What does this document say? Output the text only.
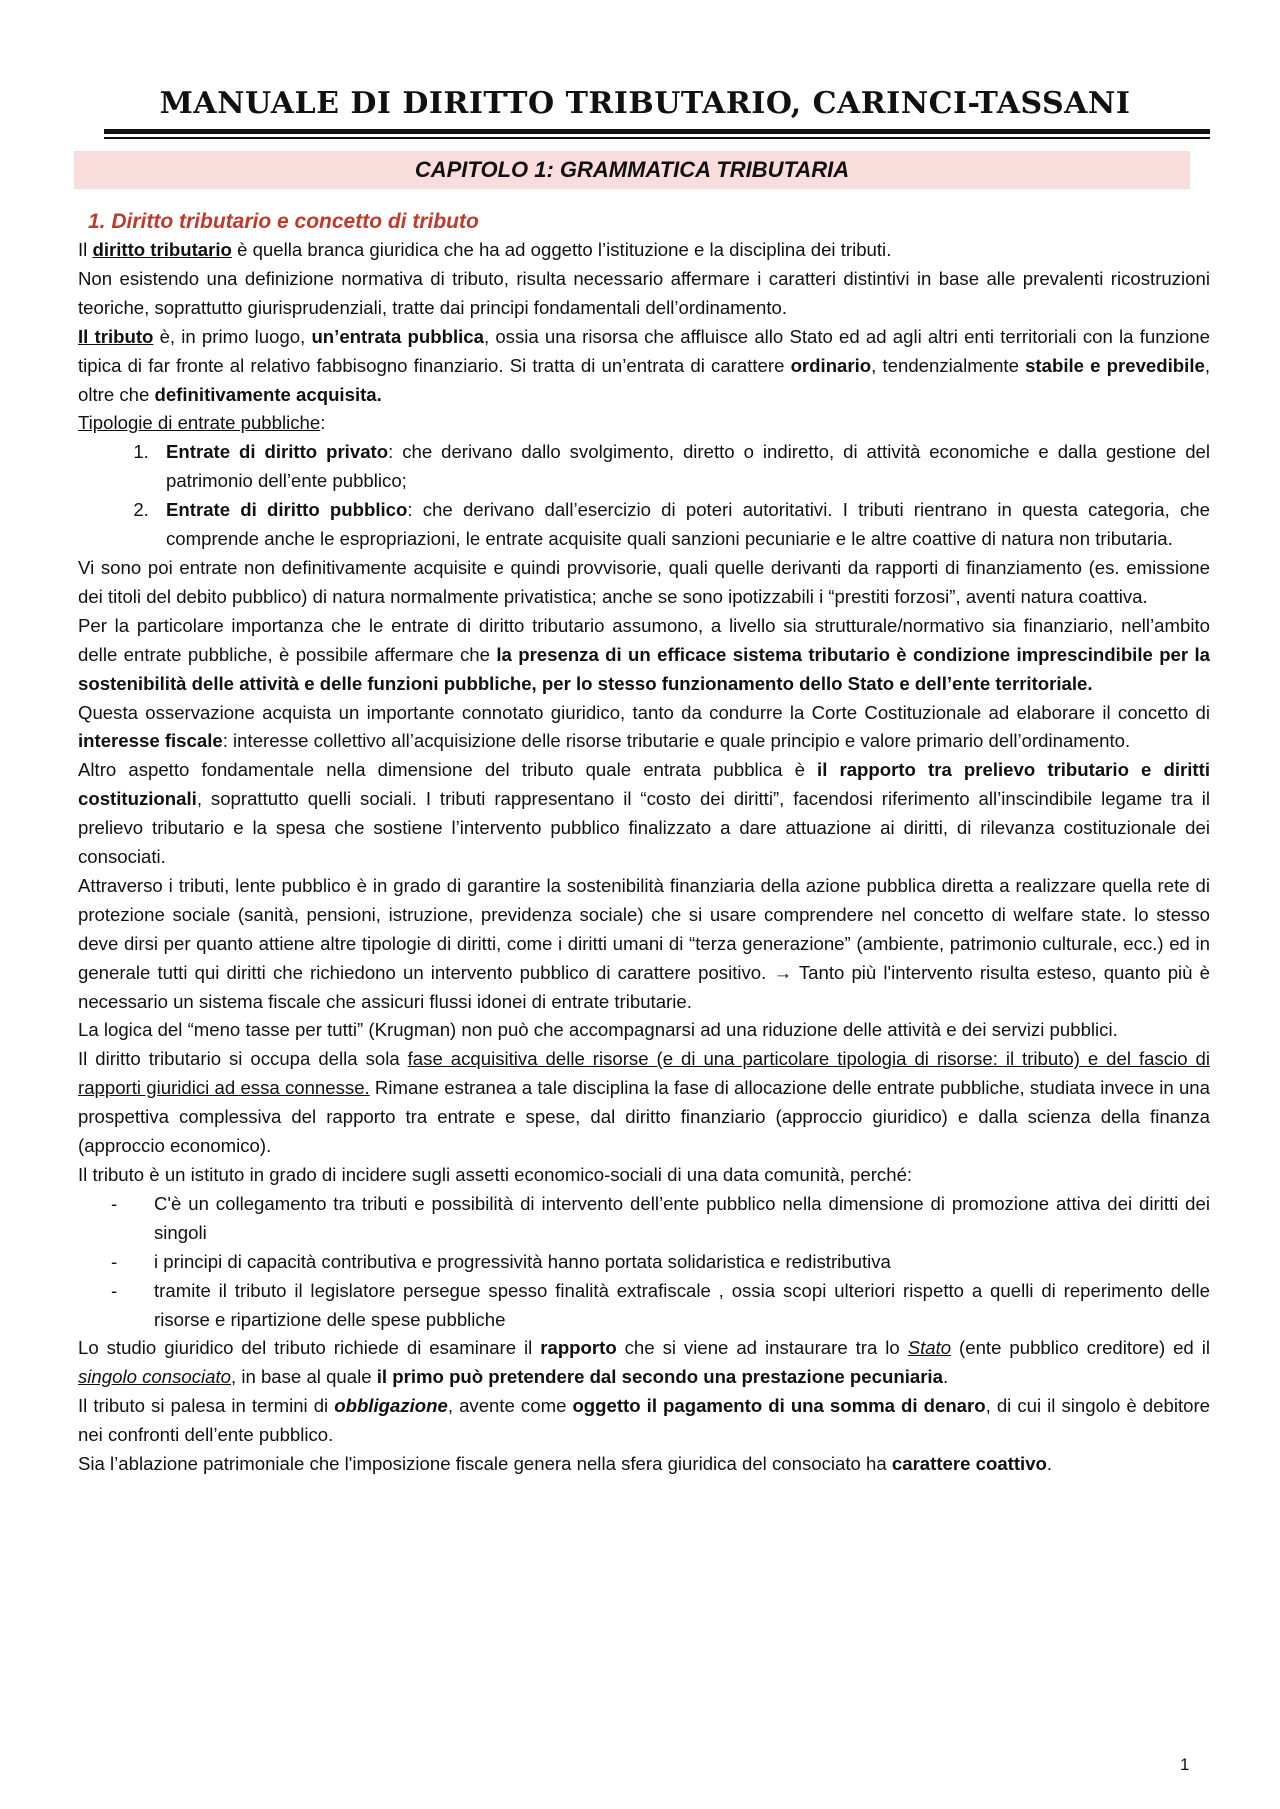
MANUALE DI DIRITTO TRIBUTARIO, CARINCI-TASSANI
CAPITOLO 1: GRAMMATICA TRIBUTARIA
1. Diritto tributario e concetto di tributo

Il diritto tributario è quella branca giuridica che ha ad oggetto l’istituzione e la disciplina dei tributi.

Non esistendo una definizione normativa di tributo, risulta necessario affermare i caratteri distintivi in base alle prevalenti ricostruzioni teoriche, soprattutto giurisprudenziali, tratte dai principi fondamentali dell’ordinamento.

Il tributo è, in primo luogo, un’entrata pubblica, ossia una risorsa che affluisce allo Stato ed ad agli altri enti territoriali con la funzione tipica di far fronte al relativo fabbisogno finanziario. Si tratta di un’entrata di carattere ordinario, tendenzialmente stabile e prevedibile, oltre che definitivamente acquisita.

Tipologie di entrate pubbliche:

1. Entrate di diritto privato: che derivano dallo svolgimento, diretto o indiretto, di attività economiche e dalla gestione del patrimonio dell’ente pubblico;
2. Entrate di diritto pubblico: che derivano dall’esercizio di poteri autoritativi. I tributi rientrano in questa categoria, che comprende anche le espropriazioni, le entrate acquisite quali sanzioni pecuniarie e le altre coattive di natura non tributaria.

Vi sono poi entrate non definitivamente acquisite e quindi provvisorie, quali quelle derivanti da rapporti di finanziamento (es. emissione dei titoli del debito pubblico) di natura normalmente privatistica; anche se sono ipotizzabili i “prestiti forzosi”, aventi natura coattiva.

Per la particolare importanza che le entrate di diritto tributario assumono, a livello sia strutturale/normativo sia finanziario, nell’ambito delle entrate pubbliche, è possibile affermare che la presenza di un efficace sistema tributario è condizione imprescindibile per la sostenibilità delle attività e delle funzioni pubbliche, per lo stesso funzionamento dello Stato e dell’ente territoriale.

Questa osservazione acquista un importante connotato giuridico, tanto da condurre la Corte Costituzionale ad elaborare il concetto di interesse fiscale: interesse collettivo all’acquisizione delle risorse tributarie e quale principio e valore primario dell’ordinamento.

Altro aspetto fondamentale nella dimensione del tributo quale entrata pubblica è il rapporto tra prelievo tributario e diritti costituzionali, soprattutto quelli sociali. I tributi rappresentano il “costo dei diritti”, facendosi riferimento all’inscindibile legame tra il prelievo tributario e la spesa che sostiene l’intervento pubblico finalizzato a dare attuazione ai diritti, di rilevanza costituzionale dei consociati.

Attraverso i tributi, lente pubblico è in grado di garantire la sostenibilità finanziaria della azione pubblica diretta a realizzare quella rete di protezione sociale (sanità, pensioni, istruzione, previdenza sociale) che si usare comprendere nel concetto di welfare state. lo stesso deve dirsi per quanto attiene altre tipologie di diritti, come i diritti umani di “terza generazione” (ambiente, patrimonio culturale, ecc.) ed in generale tutti qui diritti che richiedono un intervento pubblico di carattere positivo. → Tanto più l'intervento risulta esteso, quanto più è necessario un sistema fiscale che assicuri flussi idonei di entrate tributarie.

La logica del “meno tasse per tutti” (Krugman) non può che accompagnarsi ad una riduzione delle attività e dei servizi pubblici.

Il diritto tributario si occupa della sola fase acquisitiva delle risorse (e di una particolare tipologia di risorse: il tributo) e del fascio di rapporti giuridici ad essa connesse. Rimane estranea a tale disciplina la fase di allocazione delle entrate pubbliche, studiata invece in una prospettiva complessiva del rapporto tra entrate e spese, dal diritto finanziario (approccio giuridico) e dalla scienza della finanza (approccio economico).

Il tributo è un istituto in grado di incidere sugli assetti economico-sociali di una data comunità, perché:

- C'è un collegamento tra tributi e possibilità di intervento dell’ente pubblico nella dimensione di promozione attiva dei diritti dei singoli
- i principi di capacità contributiva e progressività hanno portata solidaristica e redistributiva
- tramite il tributo il legislatore persegue spesso finalità extrafiscale , ossia scopi ulteriori rispetto a quelli di reperimento delle risorse e ripartizione delle spese pubbliche

Lo studio giuridico del tributo richiede di esaminare il rapporto che si viene ad instaurare tra lo Stato (ente pubblico creditore) ed il singolo consociato, in base al quale il primo può pretendere dal secondo una prestazione pecuniaria.

Il tributo si palesa in termini di obbligazione, avente come oggetto il pagamento di una somma di denaro, di cui il singolo è debitore nei confronti dell’ente pubblico.

Sia l’ablazione patrimoniale che l'imposizione fiscale genera nella sfera giuridica del consociato ha carattere coattivo.

1
